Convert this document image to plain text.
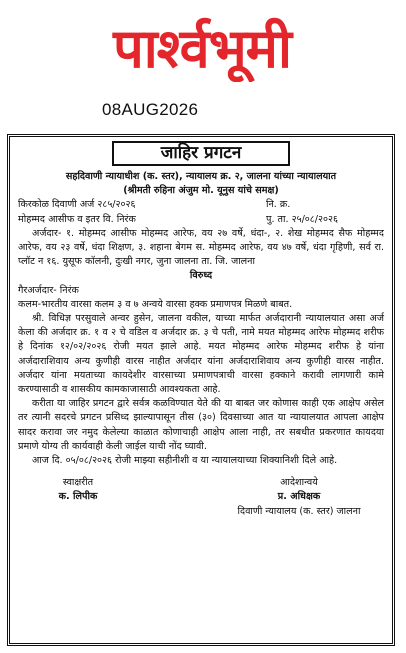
पार्श्वभूमी
08AUG2026
जाहिर प्रगटन

सहदिवाणी न्यायाधीश (क. स्तर), न्यायालय क्र. २, जालना यांच्या न्यायालयात

(श्रीमती रुहिना अंजुम मो. यूनुस यांचे समक्ष)

किरकोळ दिवाणी अर्ज २८५/२०२६	नि. क्र.
मोहम्मद आसीफ व इतर वि. निरंक	पु. ता. २५/०८/२०२६

अर्जदार- १. मोहम्मद आसीफ मोहम्मद आरेफ, वय २७ वर्षे, धंदा-, २. शेख मोहम्मद सैफ मोहम्मद आरेफ, वय २३ वर्षे, धंदा शिक्षण, ३. शहाना बेगम स. मोहम्मद आरेफ, वय ४७ वर्षे, धंदा गृहिणी, सर्व रा. प्लॉट न १६. युसूफ कॉलनी, दुःखी नगर, जुना जालना ता. जि. जालना

विरुध्द

गैरअर्जदार- निरंक

कलम-भारतीय वारसा कलम ३ व ७ अन्वये वारसा हक्क प्रमाणपत्र मिळणे बाबत.

श्री. विधिज्ञ परसुवाले अन्वर हुसेन, जालना वकील, याच्या मार्फत अर्जदारानी न्यायालयात असा अर्ज केला की अर्जदार क्र. १ व २ चे वडिल व अर्जदार क्र. ३ चे पती, नामे मयत मोहम्मद आरेफ मोहम्मद शरीफ हे दिनांक १२/०२/२०२६ रोजी मयत झाले आहे. मयत मोहम्मद आरेफ मोहम्मद शरीफ हे यांना अर्जदाराशिवाय अन्य कुणीही वारस नाहीत अर्जदार यांना अर्जदाराशिवाय अन्य कुणीही वारस नाहीत. अर्जदार यांना मयताच्या कायदेशीर वारसाच्या प्रमाणपत्राची वारसा हक्काने करावी लागणारी कामे करण्यासाठी व शासकीय कामकाजासाठी आवश्यकता आहे.

करीता या जाहिर प्रगटन द्वारे सर्वत्र कळविण्यात येते की या बाबत जर कोणास काही एक आक्षेप असेल तर त्यानी सदरचे प्रगटन प्रसिध्द झाल्यापासून तीस (३०) दिवसाच्या आत या न्यायालयात आपला आक्षेप सादर करावा जर नमुद केलेल्या काळात कोणाचाही आक्षेप आला नाही, तर सबधीत प्रकरणात कायदया प्रमाणे योग्य ती कार्यवाही केली जाईल याची नोंद घ्यावी.

आज दि. ०५/०८/२०२६ रोजी माझ्या सहीनीशी व या न्यायालयाच्या शिक्यानिशी दिले आहे.

स्वाक्षरीत
क. लिपीक
आदेशान्वये
प्र. अधिक्षक
दिवाणी न्यायालय (क. स्तर) जालना
